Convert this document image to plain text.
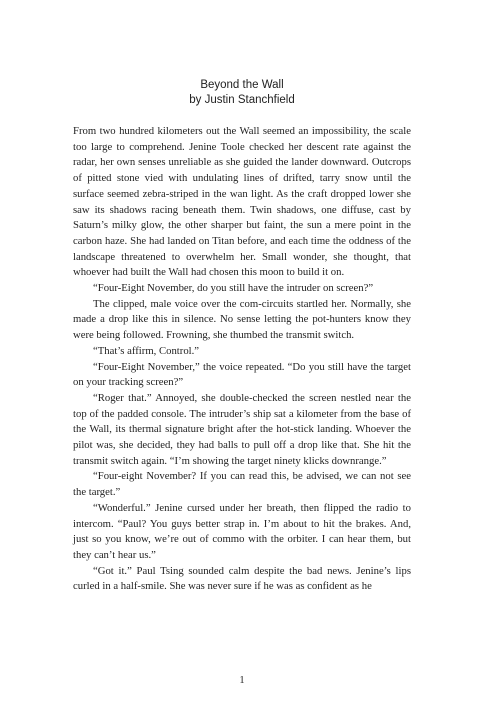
Beyond the Wall
by Justin Stanchfield

From two hundred kilometers out the Wall seemed an impossibility, the scale too large to comprehend. Jenine Toole checked her descent rate against the radar, her own senses unreliable as she guided the lander downward. Outcrops of pitted stone vied with undulating lines of drifted, tarry snow until the surface seemed zebra-striped in the wan light. As the craft dropped lower she saw its shadows racing beneath them. Twin shadows, one diffuse, cast by Saturn’s milky glow, the other sharper but faint, the sun a mere point in the carbon haze. She had landed on Titan before, and each time the oddness of the landscape threatened to overwhelm her. Small wonder, she thought, that whoever had built the Wall had chosen this moon to build it on.

“Four-Eight November, do you still have the intruder on screen?”

The clipped, male voice over the com-circuits startled her. Normally, she made a drop like this in silence. No sense letting the pot-hunters know they were being followed. Frowning, she thumbed the transmit switch.

“That’s affirm, Control.”

“Four-Eight November,” the voice repeated. “Do you still have the target on your tracking screen?”

“Roger that.” Annoyed, she double-checked the screen nestled near the top of the padded console. The intruder’s ship sat a kilometer from the base of the Wall, its thermal signature bright after the hot-stick landing. Whoever the pilot was, she decided, they had balls to pull off a drop like that. She hit the transmit switch again. “I’m showing the target ninety klicks downrange.”

“Four-eight November? If you can read this, be advised, we can not see the target.”

“Wonderful.” Jenine cursed under her breath, then flipped the radio to intercom. “Paul? You guys better strap in. I’m about to hit the brakes. And, just so you know, we’re out of commo with the orbiter. I can hear them, but they can’t hear us.”

“Got it.” Paul Tsing sounded calm despite the bad news. Jenine’s lips curled in a half-smile. She was never sure if he was as confident as he

1
